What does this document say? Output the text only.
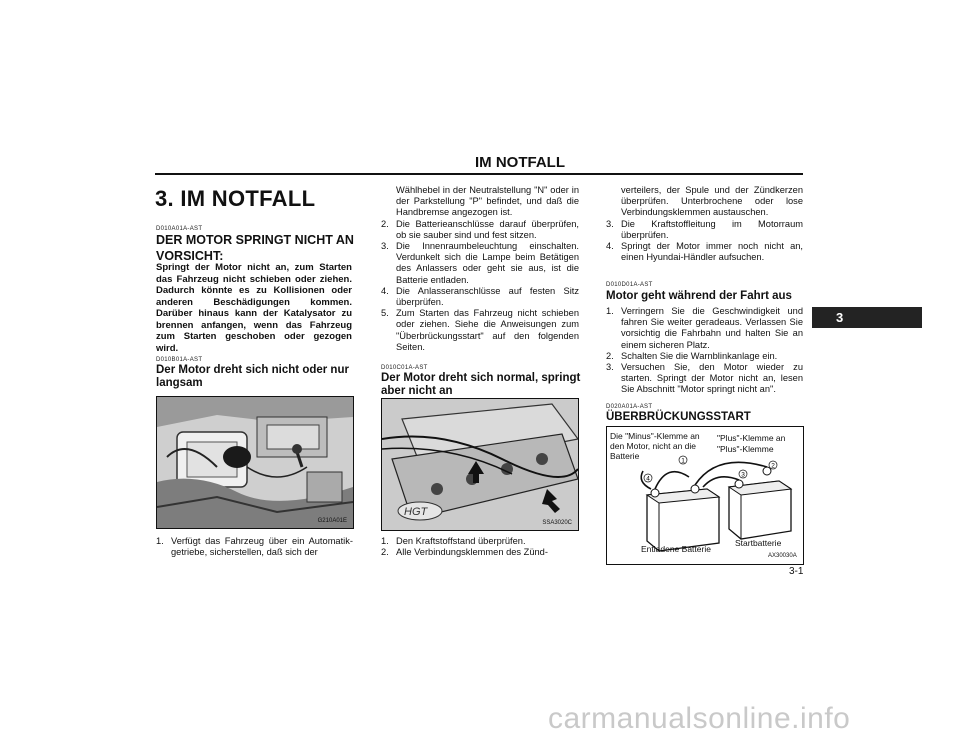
IM NOTFALL
3. IM NOTFALL
D010A01A-AST
DER MOTOR SPRINGT NICHT AN
VORSICHT:
Springt der Motor nicht an, zum Starten das Fahrzeug nicht schieben oder ziehen. Dadurch könnte es zu Kollisionen oder anderen Beschädigungen kommen. Darüber hinaus kann der Katalysator zu brennen anfangen, wenn das Fahrzeug zum Starten geschoben oder gezogen wird.
D010B01A-AST
Der Motor dreht sich nicht oder nur langsam
G210A01E
1. Verfügt das Fahrzeug über ein Automatik-getriebe, sicherstellen, daß sich der
Wählhebel in der Neutralstellung "N" oder in der Parkstellung "P" befindet, und daß die Handbremse angezogen ist.
2. Die Batterieanschlüsse darauf überprüfen, ob sie sauber sind und fest sitzen.
3. Die Innenraumbeleuchtung einschalten. Verdunkelt sich die Lampe beim Betätigen des Anlassers oder geht sie aus, ist die Batterie entladen.
4. Die Anlasseranschlüsse auf festen Sitz überprüfen.
5. Zum Starten das Fahrzeug nicht schieben oder ziehen. Siehe die Anweisungen zum "Überbrückungsstart" auf den folgenden Seiten.
D010C01A-AST
Der Motor dreht sich normal, springt aber nicht an
HGT
SSA3020C
1. Den Kraftstoffstand überprüfen.
2. Alle Verbindungsklemmen des Zünd-
verteilers, der Spule und der Zündkerzen überprüfen. Unterbrochene oder lose Verbindungsklemmen austauschen.
3. Die Kraftstoffleitung im Motorraum überprüfen.
4. Springt der Motor immer noch nicht an, einen Hyundai-Händler aufsuchen.
D010D01A-AST
Motor geht während der Fahrt aus
1. Verringern Sie die Geschwindigkeit und fahren Sie weiter geradeaus. Verlassen Sie vorsichtig die Fahrbahn und halten Sie an einem sicheren Platz.
2. Schalten Sie die Warnblinkanlage ein.
3. Versuchen Sie, den Motor wieder zu starten. Springt der Motor nicht an, lesen Sie Abschnitt "Motor springt nicht an".
D020A01A-AST
ÜBERBRÜCKUNGSSTART
Die "Minus"-Klemme an den Motor, nicht an die Batterie
"Plus"-Klemme an
"Plus"-Klemme
1
2
3
4
Entladene Batterie
Startbatterie
AX30030A
3
3-1
carmanualsonline.info
